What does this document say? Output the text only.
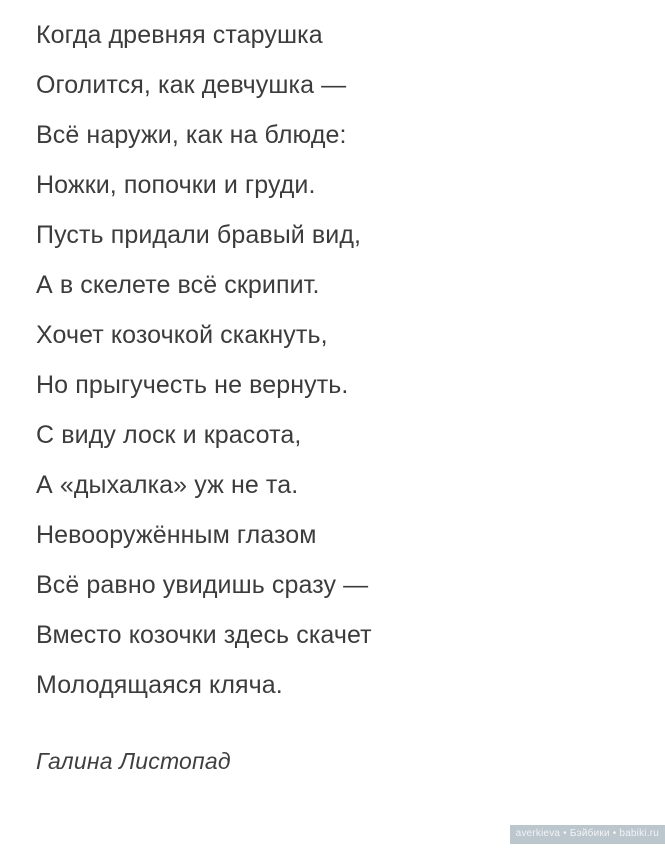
Когда древняя старушка
Оголится, как девчушка —
Всё наружи, как на блюде:
Ножки, попочки и груди.
Пусть придали бравый вид,
А в скелете всё скрипит.
Хочет козочкой скакнуть,
Но прыгучесть не вернуть.
С виду лоск и красота,
А «дыхалка» уж не та.
Невооружённым глазом
Всё равно увидишь сразу —
Вместо козочки здесь скачет
Молодящаяся кляча.
Галина Листопад
averkieva • Бэйбики • babiki.ru
